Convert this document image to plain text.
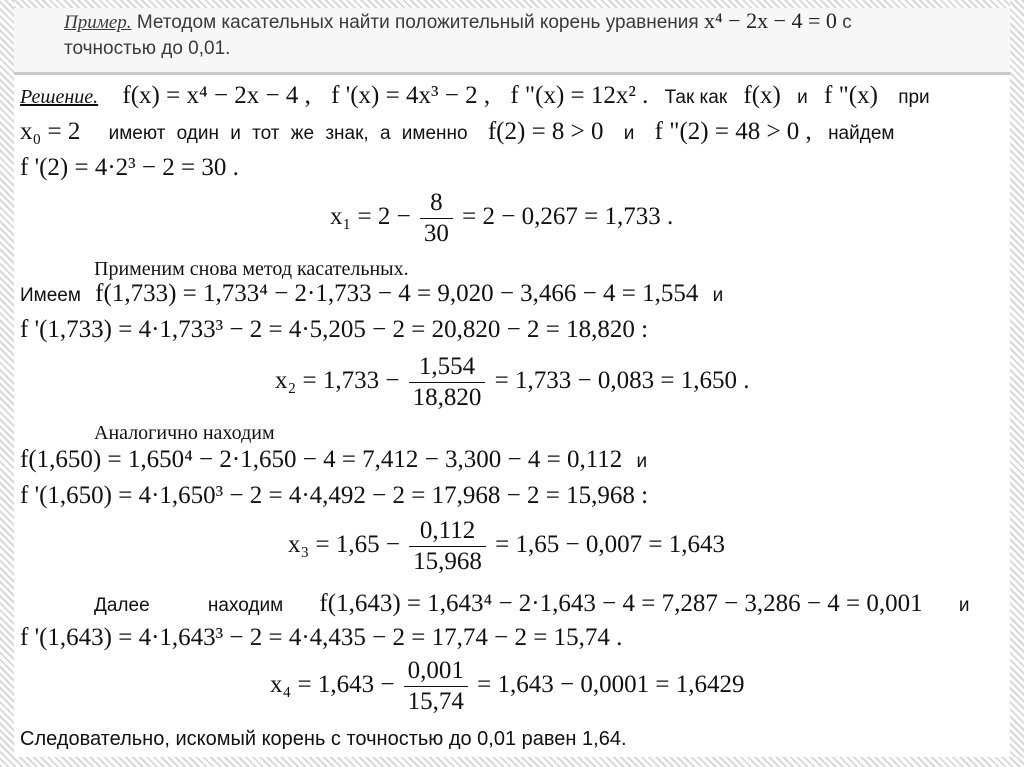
Пример. Методом касательных найти положительный корень уравнения x⁴ − 2x − 4 = 0 с
точностью до 0,01.
Решение. f(x) = x⁴ − 2x − 4 , f '(x) = 4x³ − 2 , f "(x) = 12x² . Так как f(x) и f "(x) при
x₀ = 2 имеют один и тот же знак, а именно f(2) = 8 > 0 и f "(2) = 48 > 0 , найдем
f '(2) = 4·2³ − 2 = 30 .
$x_1 = 2 - \frac{8}{30} = 2 - 0,267 = 1,733$ .
Применим снова метод касательных.
Имеем f(1,733) = 1,733⁴ − 2·1,733 − 4 = 9,020 − 3,466 − 4 = 1,554 и
f '(1,733) = 4·1,733³ − 2 = 4·5,205 − 2 = 20,820 − 2 = 18,820 :
$x_2 = 1,733 - \frac{1,554}{18,820} = 1,733 - 0,083 = 1,650$ .
Аналогично находим
f(1,650) = 1,650⁴ − 2·1,650 − 4 = 7,412 − 3,300 − 4 = 0,112 и
f '(1,650) = 4·1,650³ − 2 = 4·4,492 − 2 = 17,968 − 2 = 15,968 :
$x_3 = 1,65 - \frac{0,112}{15,968} = 1,65 - 0,007 = 1,643$
Далее	находим f(1,643) = 1,643⁴ − 2·1,643 − 4 = 7,287 − 3,286 − 4 = 0,001 и
f '(1,643) = 4·1,643³ − 2 = 4·4,435 − 2 = 17,74 − 2 = 15,74 .
$x_4 = 1,643 - \frac{0,001}{15,74} = 1,643 - 0,0001 = 1,6429$
Следовательно, искомый корень с точностью до 0,01 равен 1,64.
